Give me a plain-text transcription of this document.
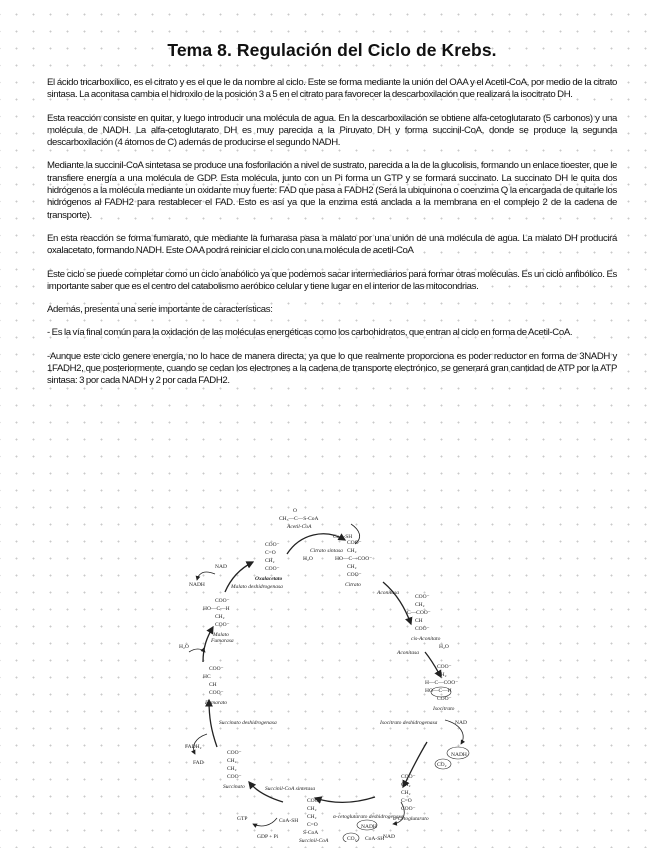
Tema 8. Regulación del Ciclo de Krebs.

El ácido tricarboxílico, es el citrato y es el que le da nombre al ciclo. Este se forma mediante la unión del OAA y el Acetil-CoA, por medio de la citrato sintasa. La aconitasa cambia el hidroxilo de la posición 3 a 5 en el citrato para favorecer la descarboxilación que realizará la isocitrato DH.

Esta reacción consiste en quitar, y luego introducir una molécula de agua. En la descarboxilación se obtiene alfa-cetoglutarato (5 carbonos) y una molécula de NADH. La alfa-cetoglutarato DH es muy parecida a la Piruvato DH y forma succinil-CoA, donde se produce la segunda descarboxilación (4 átomos de C) además de producirse el segundo NADH.

Mediante la succinil-CoA sintetasa se produce una fosforilación a nivel de sustrato, parecida a la de la glucolisis, formando un enlace tioester, que le transfiere energía a una molécula de GDP. Esta molécula, junto con un Pi forma un GTP y se formará succinato. La succinato DH le quita dos hidrógenos a la molécula mediante un oxidante muy fuerte: FAD que pasa a FADH2 (Será la ubiquinona o coenzima Q la encargada de quitarle los hidrógenos al FADH2 para restablecer el FAD. Esto es así ya que la enzima está anclada a la membrana en el complejo 2 de la cadena de transporte).

En esta reacción se forma fumarato, que mediante la fumarasa pasa a malato por una unión de una molécula de agua. La malato DH producirá oxalacetato, formando NADH. Este OAA podrá reiniciar el ciclo con una molécula de acetil-CoA

Este ciclo se puede completar como un ciclo anabólico ya que podemos sacar intermediarios para formar otras moléculas. Es un ciclo anfibólico. Es importante saber que es el centro del catabolismo aeróbico celular y tiene lugar en el interior de las mitocondrias.

Además, presenta una serie importante de características:

- Es la vía final común para la oxidación de las moléculas energéticas como los carbohidratos, que entran al ciclo en forma de Acetil-CoA.

-Aunque este ciclo genere energía, no lo hace de manera directa, ya que lo que realmente proporciona es poder reductor en forma de 3NADH y 1FADH2, que posteriormente, cuando se cedan los electrones a la cadena de transporte electrónico, se generará gran cantidad de ATP por la ATP sintasa: 3 por cada NADH y 2 por cada FADH2.

O
CH₃—C—S-CoA
Acetil-CoA
CoA-SH
H₂O
Citrato sintasa
COO⁻
CH₂
HO—C—COO⁻
CH₂
COO⁻
Citrato
Aconitasa
COO⁻
CH₂
C—COO⁻
CH
COO⁻
cis-Aconitato
Aconitasa
H₂O
COO⁻
CH₂
H—C—COO⁻
HO—C—H
COO⁻
Isocitrato
Isocitrato deshidrogenasa	NAD
NADH
CO₂
COO⁻
CH₂
CH₂
C=O
COO⁻
α-Cetoglutarato
α-cetoglutarato deshidrogenasa
NAD
NADH
CO₂ CoA-SH
COO⁻
CH₂
CH₂
C=O
S-CoA
Succinil-CoA
Succinil-CoA sintetasa
CoA-SH
GDP + Pi
GTP
COO⁻
CH₂
CH₂
COO⁻
Succinato
Succinato deshidrogenasa
FADH₂
FAD
COO⁻
HC
CH
COO⁻
Fumarato
Fumarasa
H₂O
COO⁻
HO—C—H
CH₂
COO⁻
Malato
Malato deshidrogenasa
NAD
NADH
COO⁻
C=O
CH₂
COO⁻
Oxalacetato
